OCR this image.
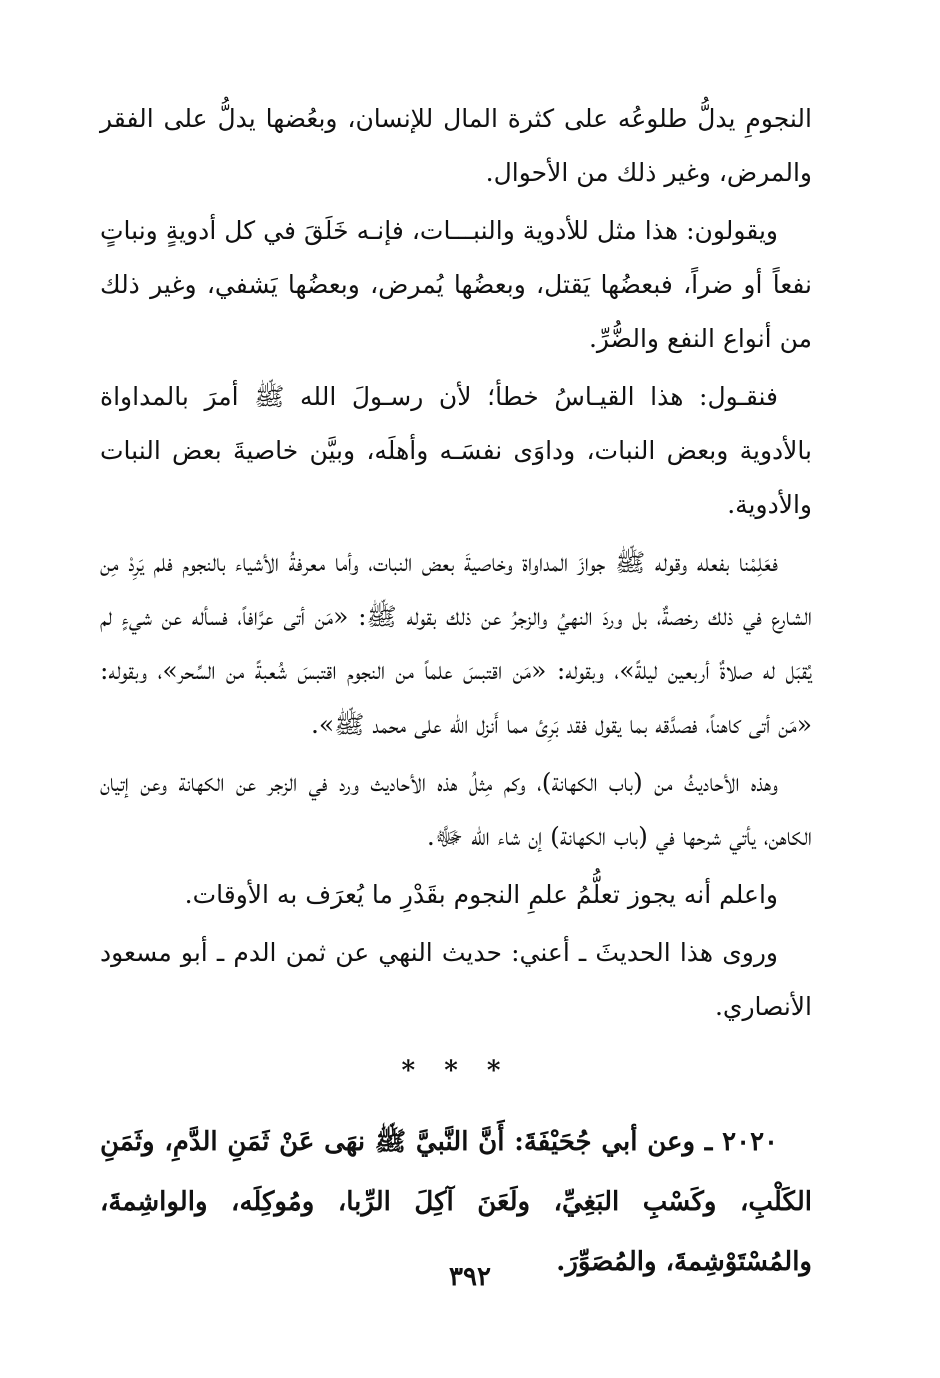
النجومِ يدلُّ طلوعُه على كثرة المال للإنسان، وبعُضها يدلُّ على الفقر والمرض، وغير ذلك من الأحوال.

ويقولون: هذا مثل للأدوية والنبـــات، فإنـه خَلَقَ في كل أدويةٍ ونباتٍ نفعاً أو ضراً، فبعضُها يَقتل، وبعضُها يُمرض، وبعضُها يَشفي، وغير ذلك من أنواع النفع والضُّرِّ.

فنقـول: هذا القيـاسُ خطأ؛ لأن رسـولَ الله ﷺ أمرَ بالمداواة بالأدوية وبعض النبات، وداوَى نفسَـه وأهلَه، وبيَّن خاصيةَ بعض النبات والأدوية.

فعَلِمْنا بفعله وقوله ﷺ جوازَ المداواة وخاصيةَ بعض النبات، وأما معرفةُ الأشياء بالنجوم فلم يَرِدْ مِن الشارع في ذلك رخصةٌ، بل وردَ النهيُ والزجرُ عن ذلك بقوله ﷺ: «مَن أتى عرَّافاً، فسأله عن شيءٍ لم يُقبَل له صلاةٌ أربعين ليلةً»، وبقوله: «مَن اقتبسَ علماً من النجوم اقتبسَ شُعبةً من السِّحر»، وبقوله: «مَن أتى كاهناً، فصدَّقه بما يقول فقد بَرِئ مما أَنزل الله على محمد ﷺ».

وهذه الأحاديثُ من (باب الكهانة)، وكم مِثلُ هذه الأحاديث ورد في الزجر عن الكهانة وعن إتيان الكاهن، يأتي شرحها في (باب الكهانة) إن شاء الله ﷻ.

واعلم أنه يجوز تعلُّمُ علمِ النجوم بقَدْرِ ما يُعرَف به الأوقات.

وروى هذا الحديثَ ـ أعني: حديث النهي عن ثمن الدم ـ أبو مسعود الأنصاري.

* * *

٢٠٢٠ ـ وعن أبي جُحَيْفَةَ: أَنَّ النَّبيَّ ﷺ نهَى عَنْ ثَمَنِ الدَّمِ، وثَمَنِ الكَلْبِ، وكَسْبِ البَغِيِّ، ولَعَنَ آكِلَ الرِّبا، ومُوكِلَه، والواشِمةَ، والمُسْتَوْشِمةَ، والمُصَوِّرَ.

٣٩٢
